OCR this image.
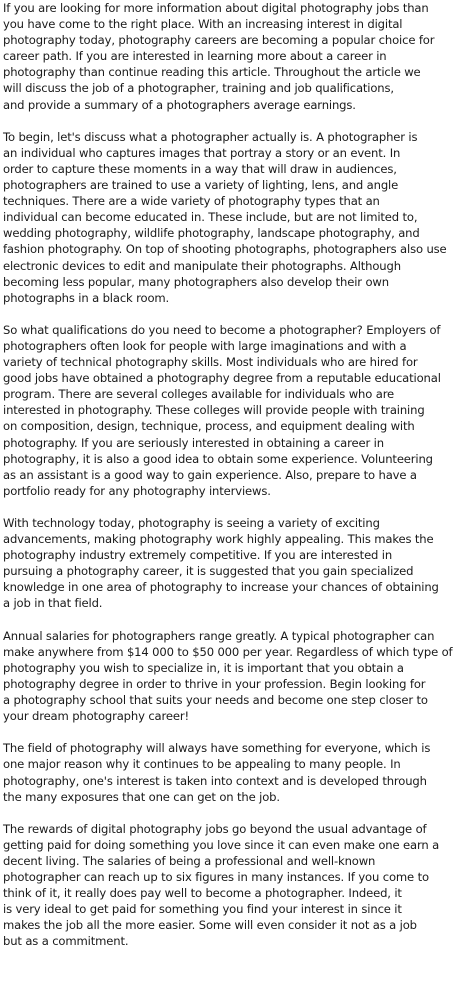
If you are looking for more information about digital photography jobs than
you have come to the right place. With an increasing interest in digital
photography today, photography careers are becoming a popular choice for
career path. If you are interested in learning more about a career in
photography than continue reading this article. Throughout the article we
will discuss the job of a photographer, training and job qualifications,
and provide a summary of a photographers average earnings.
To begin, let's discuss what a photographer actually is. A photographer is
an individual who captures images that portray a story or an event. In
order to capture these moments in a way that will draw in audiences,
photographers are trained to use a variety of lighting, lens, and angle
techniques. There are a wide variety of photography types that an
individual can become educated in. These include, but are not limited to,
wedding photography, wildlife photography, landscape photography, and
fashion photography. On top of shooting photographs, photographers also use
electronic devices to edit and manipulate their photographs. Although
becoming less popular, many photographers also develop their own
photographs in a black room.
So what qualifications do you need to become a photographer? Employers of
photographers often look for people with large imaginations and with a
variety of technical photography skills. Most individuals who are hired for
good jobs have obtained a photography degree from a reputable educational
program. There are several colleges available for individuals who are
interested in photography. These colleges will provide people with training
on composition, design, technique, process, and equipment dealing with
photography. If you are seriously interested in obtaining a career in
photography, it is also a good idea to obtain some experience. Volunteering
as an assistant is a good way to gain experience. Also, prepare to have a
portfolio ready for any photography interviews.
With technology today, photography is seeing a variety of exciting
advancements, making photography work highly appealing. This makes the
photography industry extremely competitive. If you are interested in
pursuing a photography career, it is suggested that you gain specialized
knowledge in one area of photography to increase your chances of obtaining
a job in that field.
Annual salaries for photographers range greatly. A typical photographer can
make anywhere from $14 000 to $50 000 per year. Regardless of which type of
photography you wish to specialize in, it is important that you obtain a
photography degree in order to thrive in your profession. Begin looking for
a photography school that suits your needs and become one step closer to
your dream photography career!
The field of photography will always have something for everyone, which is
one major reason why it continues to be appealing to many people. In
photography, one's interest is taken into context and is developed through
the many exposures that one can get on the job.
The rewards of digital photography jobs go beyond the usual advantage of
getting paid for doing something you love since it can even make one earn a
decent living. The salaries of being a professional and well-known
photographer can reach up to six figures in many instances. If you come to
think of it, it really does pay well to become a photographer. Indeed, it
is very ideal to get paid for something you find your interest in since it
makes the job all the more easier. Some will even consider it not as a job
but as a commitment.
